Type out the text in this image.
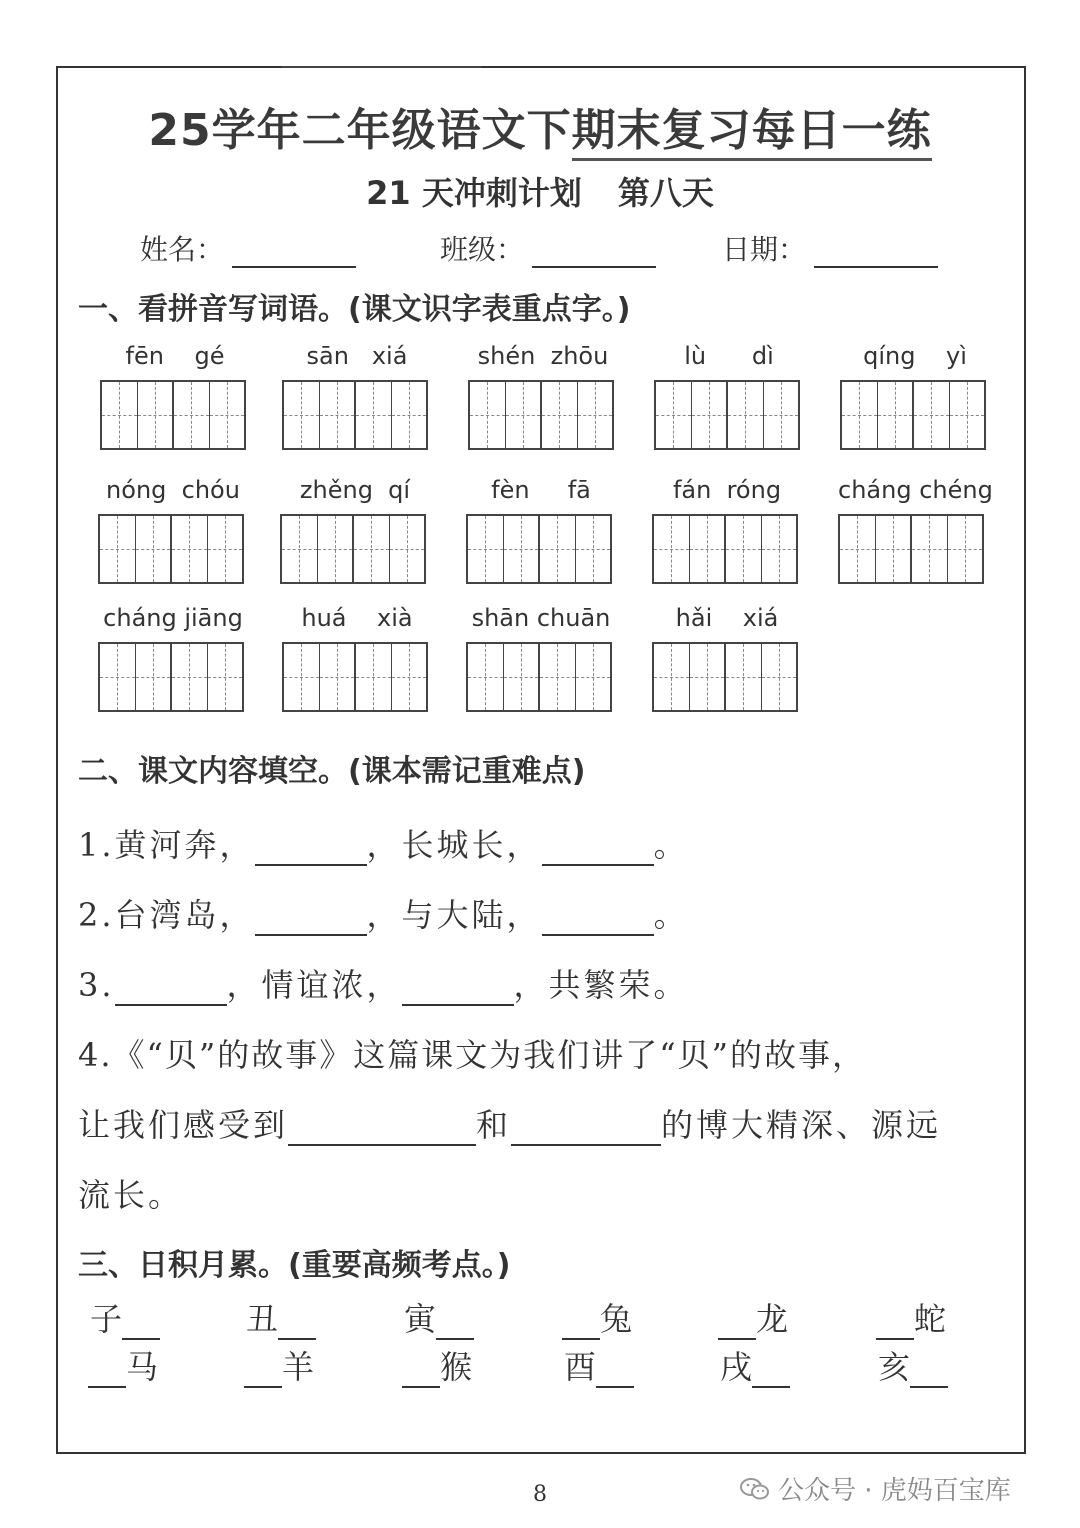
25学年二年级语文下期末复习每日一练
21 天冲刺计划 第八天
姓名：	班级：	日期：
一、看拼音写词语。(课文识字表重点字。)
fēn    gé	sān   xiá	shén  zhōu	lù      dì	qíng    yì
nóng  chóu	zhěng  qí	fèn     fā	fán  róng	cháng chéng
cháng jiāng	huá    xià	shān chuān	hǎi    xiá
二、课文内容填空。(课本需记重难点)
1.黄河奔，	，长城长，	。
2.台湾岛，	，与大陆，	。
3.	，情谊浓，	，共繁荣。
4.《“贝”的故事》这篇课文为我们讲了“贝”的故事，
让我们感受到	和	的博大精深、源远
流长。
三、日积月累。(重要高频考点。)
子	丑	寅	兔	龙	蛇
马	羊	猴	酉	戌	亥
8	公众号 · 虎妈百宝库
